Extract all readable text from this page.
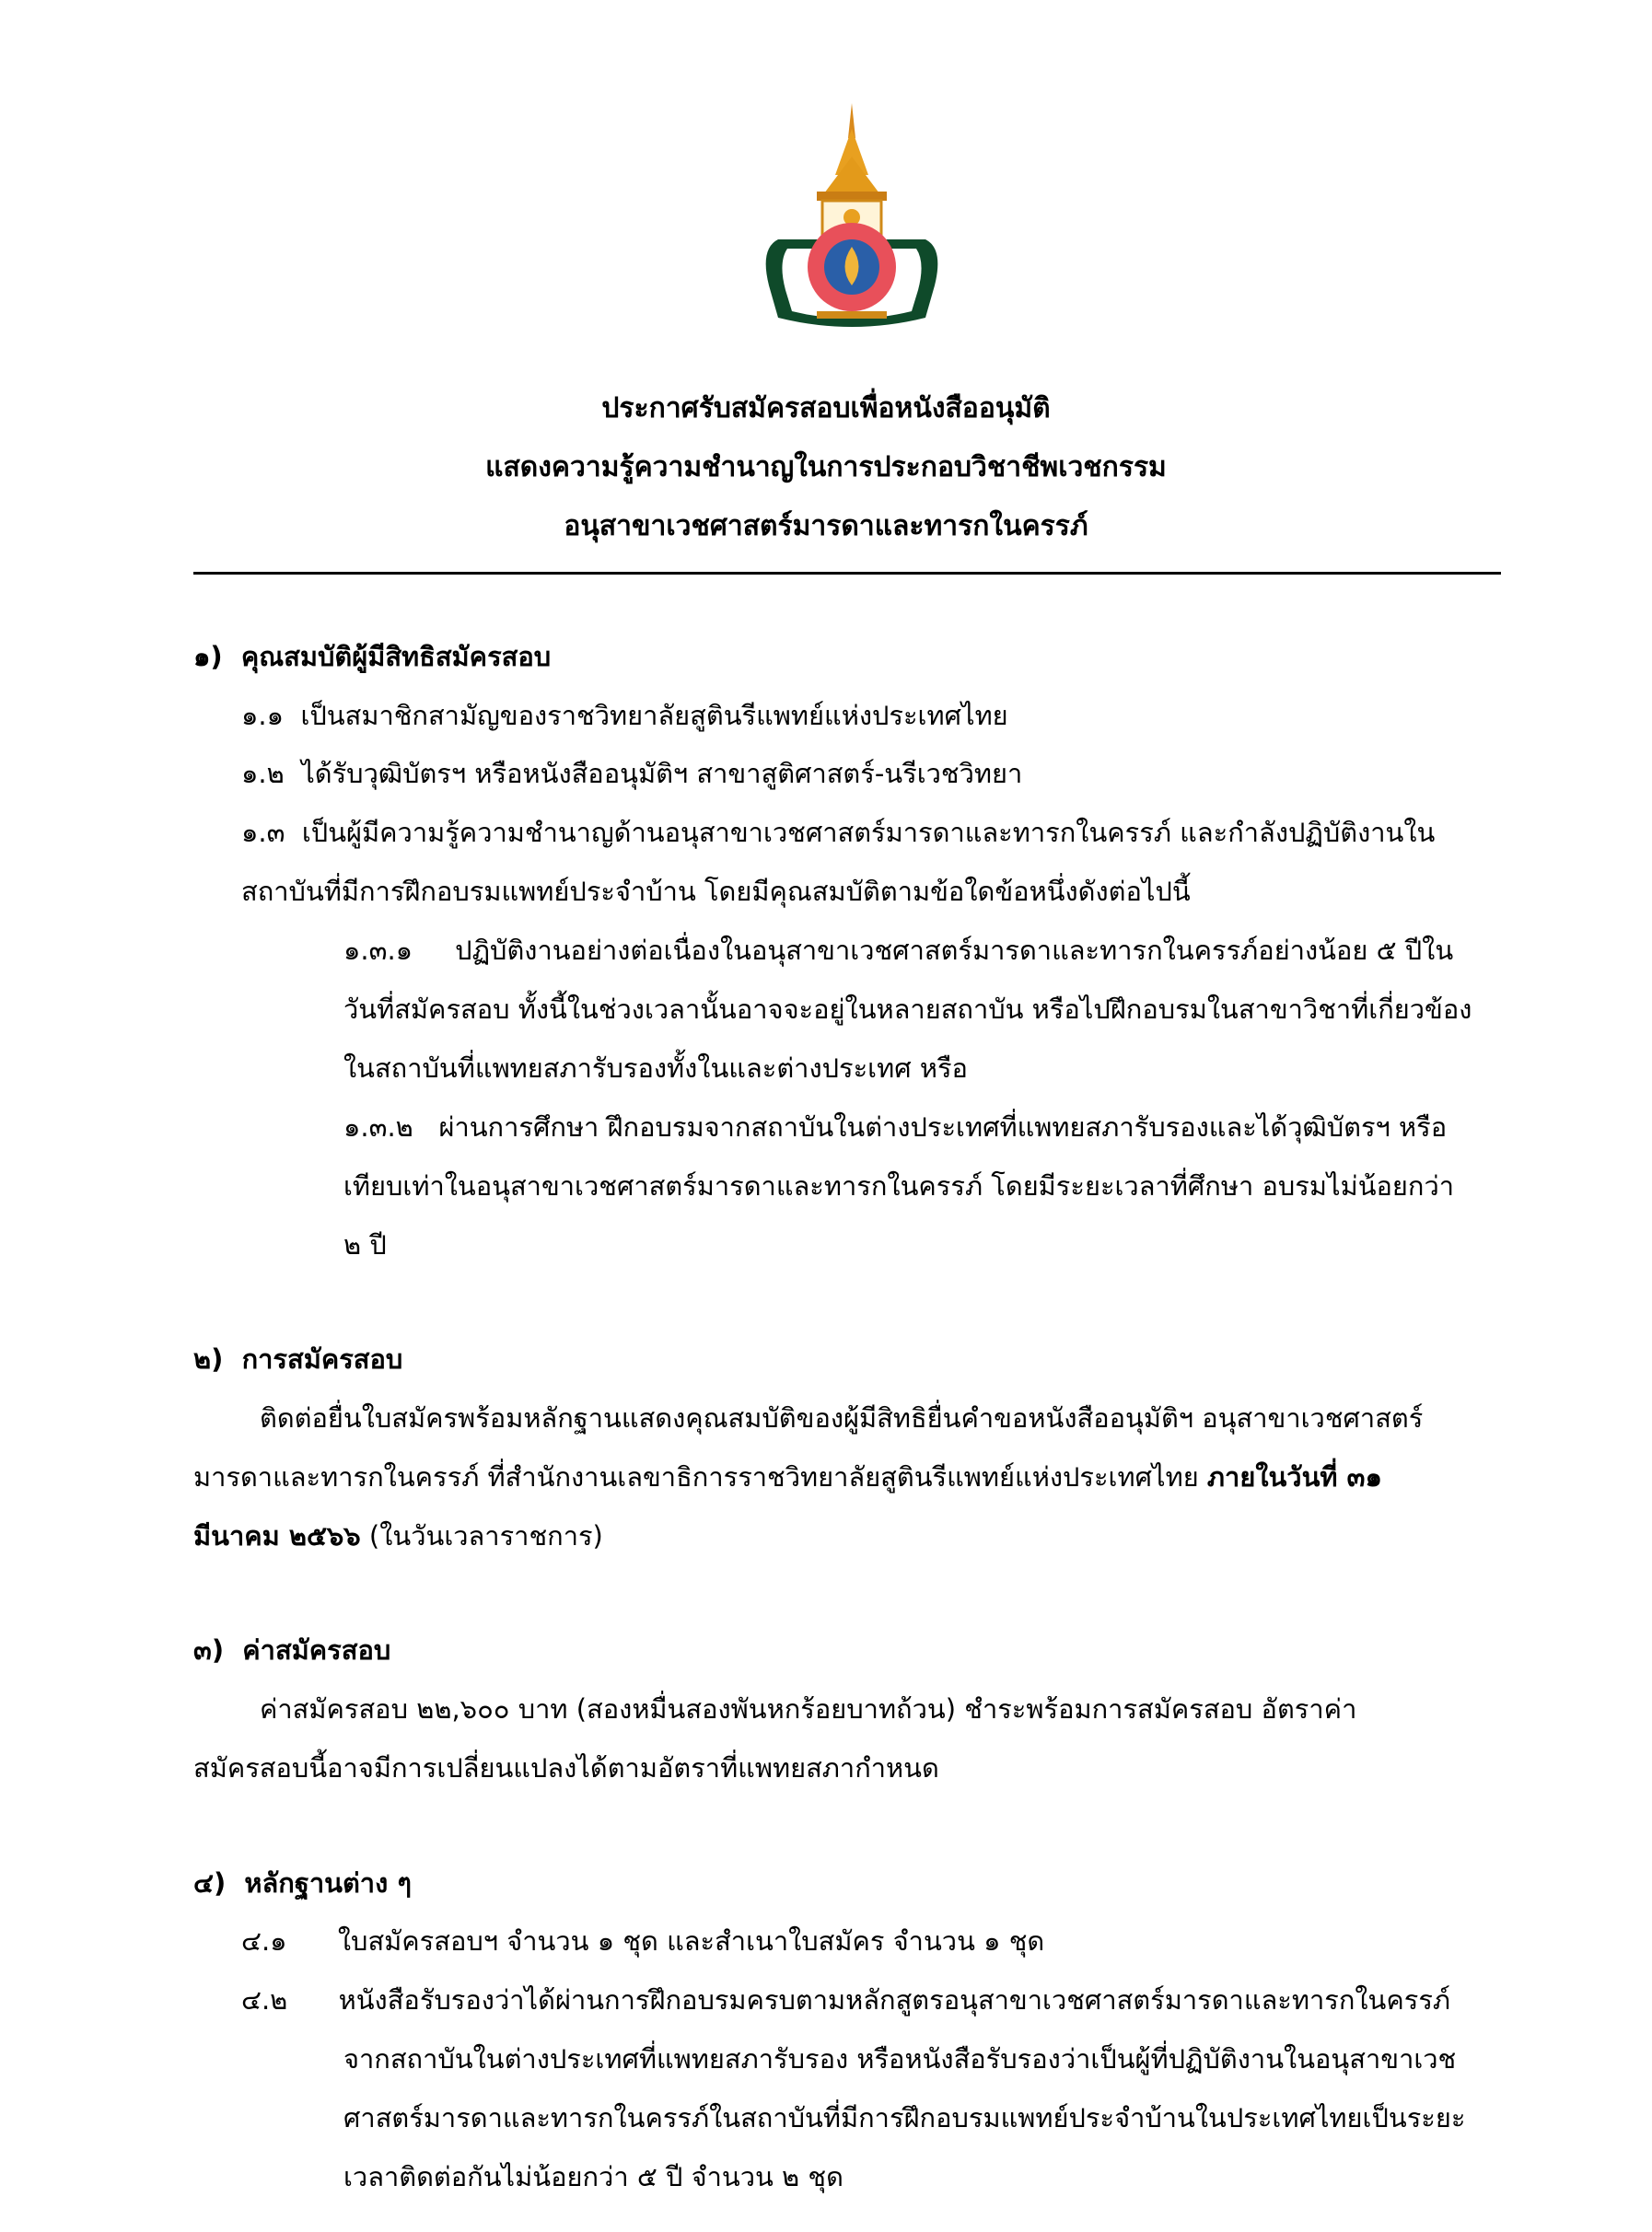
ประกาศรับสมัครสอบเพื่อหนังสืออนุมัติ
แสดงความรู้ความชำนาญในการประกอบวิชาชีพเวชกรรม
อนุสาขาเวชศาสตร์มารดาและทารกในครรภ์
๑) คุณสมบัติผู้มีสิทธิสมัครสอบ
๑.๑ เป็นสมาชิกสามัญของราชวิทยาลัยสูตินรีแพทย์แห่งประเทศไทย
๑.๒ ได้รับวุฒิบัตรฯ หรือหนังสืออนุมัติฯ สาขาสูติศาสตร์-นรีเวชวิทยา
๑.๓ เป็นผู้มีความรู้ความชำนาญด้านอนุสาขาเวชศาสตร์มารดาและทารกในครรภ์ และกำลังปฏิบัติงานใน
สถาบันที่มีการฝึกอบรมแพทย์ประจำบ้าน โดยมีคุณสมบัติตามข้อใดข้อหนึ่งดังต่อไปนี้
๑.๓.๑ ปฏิบัติงานอย่างต่อเนื่องในอนุสาขาเวชศาสตร์มารดาและทารกในครรภ์อย่างน้อย ๕ ปีใน
วันที่สมัครสอบ ทั้งนี้ในช่วงเวลานั้นอาจจะอยู่ในหลายสถาบัน หรือไปฝึกอบรมในสาขาวิชาที่เกี่ยวข้อง
ในสถาบันที่แพทยสภารับรองทั้งในและต่างประเทศ หรือ
๑.๓.๒ ผ่านการศึกษา ฝึกอบรมจากสถาบันในต่างประเทศที่แพทยสภารับรองและได้วุฒิบัตรฯ หรือ
เทียบเท่าในอนุสาขาเวชศาสตร์มารดาและทารกในครรภ์ โดยมีระยะเวลาที่ศึกษา อบรมไม่น้อยกว่า
๒ ปี
๒) การสมัครสอบ
ติดต่อยื่นใบสมัครพร้อมหลักฐานแสดงคุณสมบัติของผู้มีสิทธิยื่นคำขอหนังสืออนุมัติฯ อนุสาขาเวชศาสตร์
มารดาและทารกในครรภ์ ที่สำนักงานเลขาธิการราชวิทยาลัยสูตินรีแพทย์แห่งประเทศไทย ภายในวันที่ ๓๑
มีนาคม ๒๕๖๖ (ในวันเวลาราชการ)
๓) ค่าสมัครสอบ
ค่าสมัครสอบ ๒๒,๖๐๐ บาท (สองหมื่นสองพันหกร้อยบาทถ้วน) ชำระพร้อมการสมัครสอบ อัตราค่า
สมัครสอบนี้อาจมีการเปลี่ยนแปลงได้ตามอัตราที่แพทยสภากำหนด
๔) หลักฐานต่าง ๆ
๔.๑ ใบสมัครสอบฯ จำนวน ๑ ชุด และสำเนาใบสมัคร จำนวน ๑ ชุด
๔.๒ หนังสือรับรองว่าได้ผ่านการฝึกอบรมครบตามหลักสูตรอนุสาขาเวชศาสตร์มารดาและทารกในครรภ์
จากสถาบันในต่างประเทศที่แพทยสภารับรอง หรือหนังสือรับรองว่าเป็นผู้ที่ปฏิบัติงานในอนุสาขาเวช
ศาสตร์มารดาและทารกในครรภ์ในสถาบันที่มีการฝึกอบรมแพทย์ประจำบ้านในประเทศไทยเป็นระยะ
เวลาติดต่อกันไม่น้อยกว่า ๕ ปี จำนวน ๒ ชุด
